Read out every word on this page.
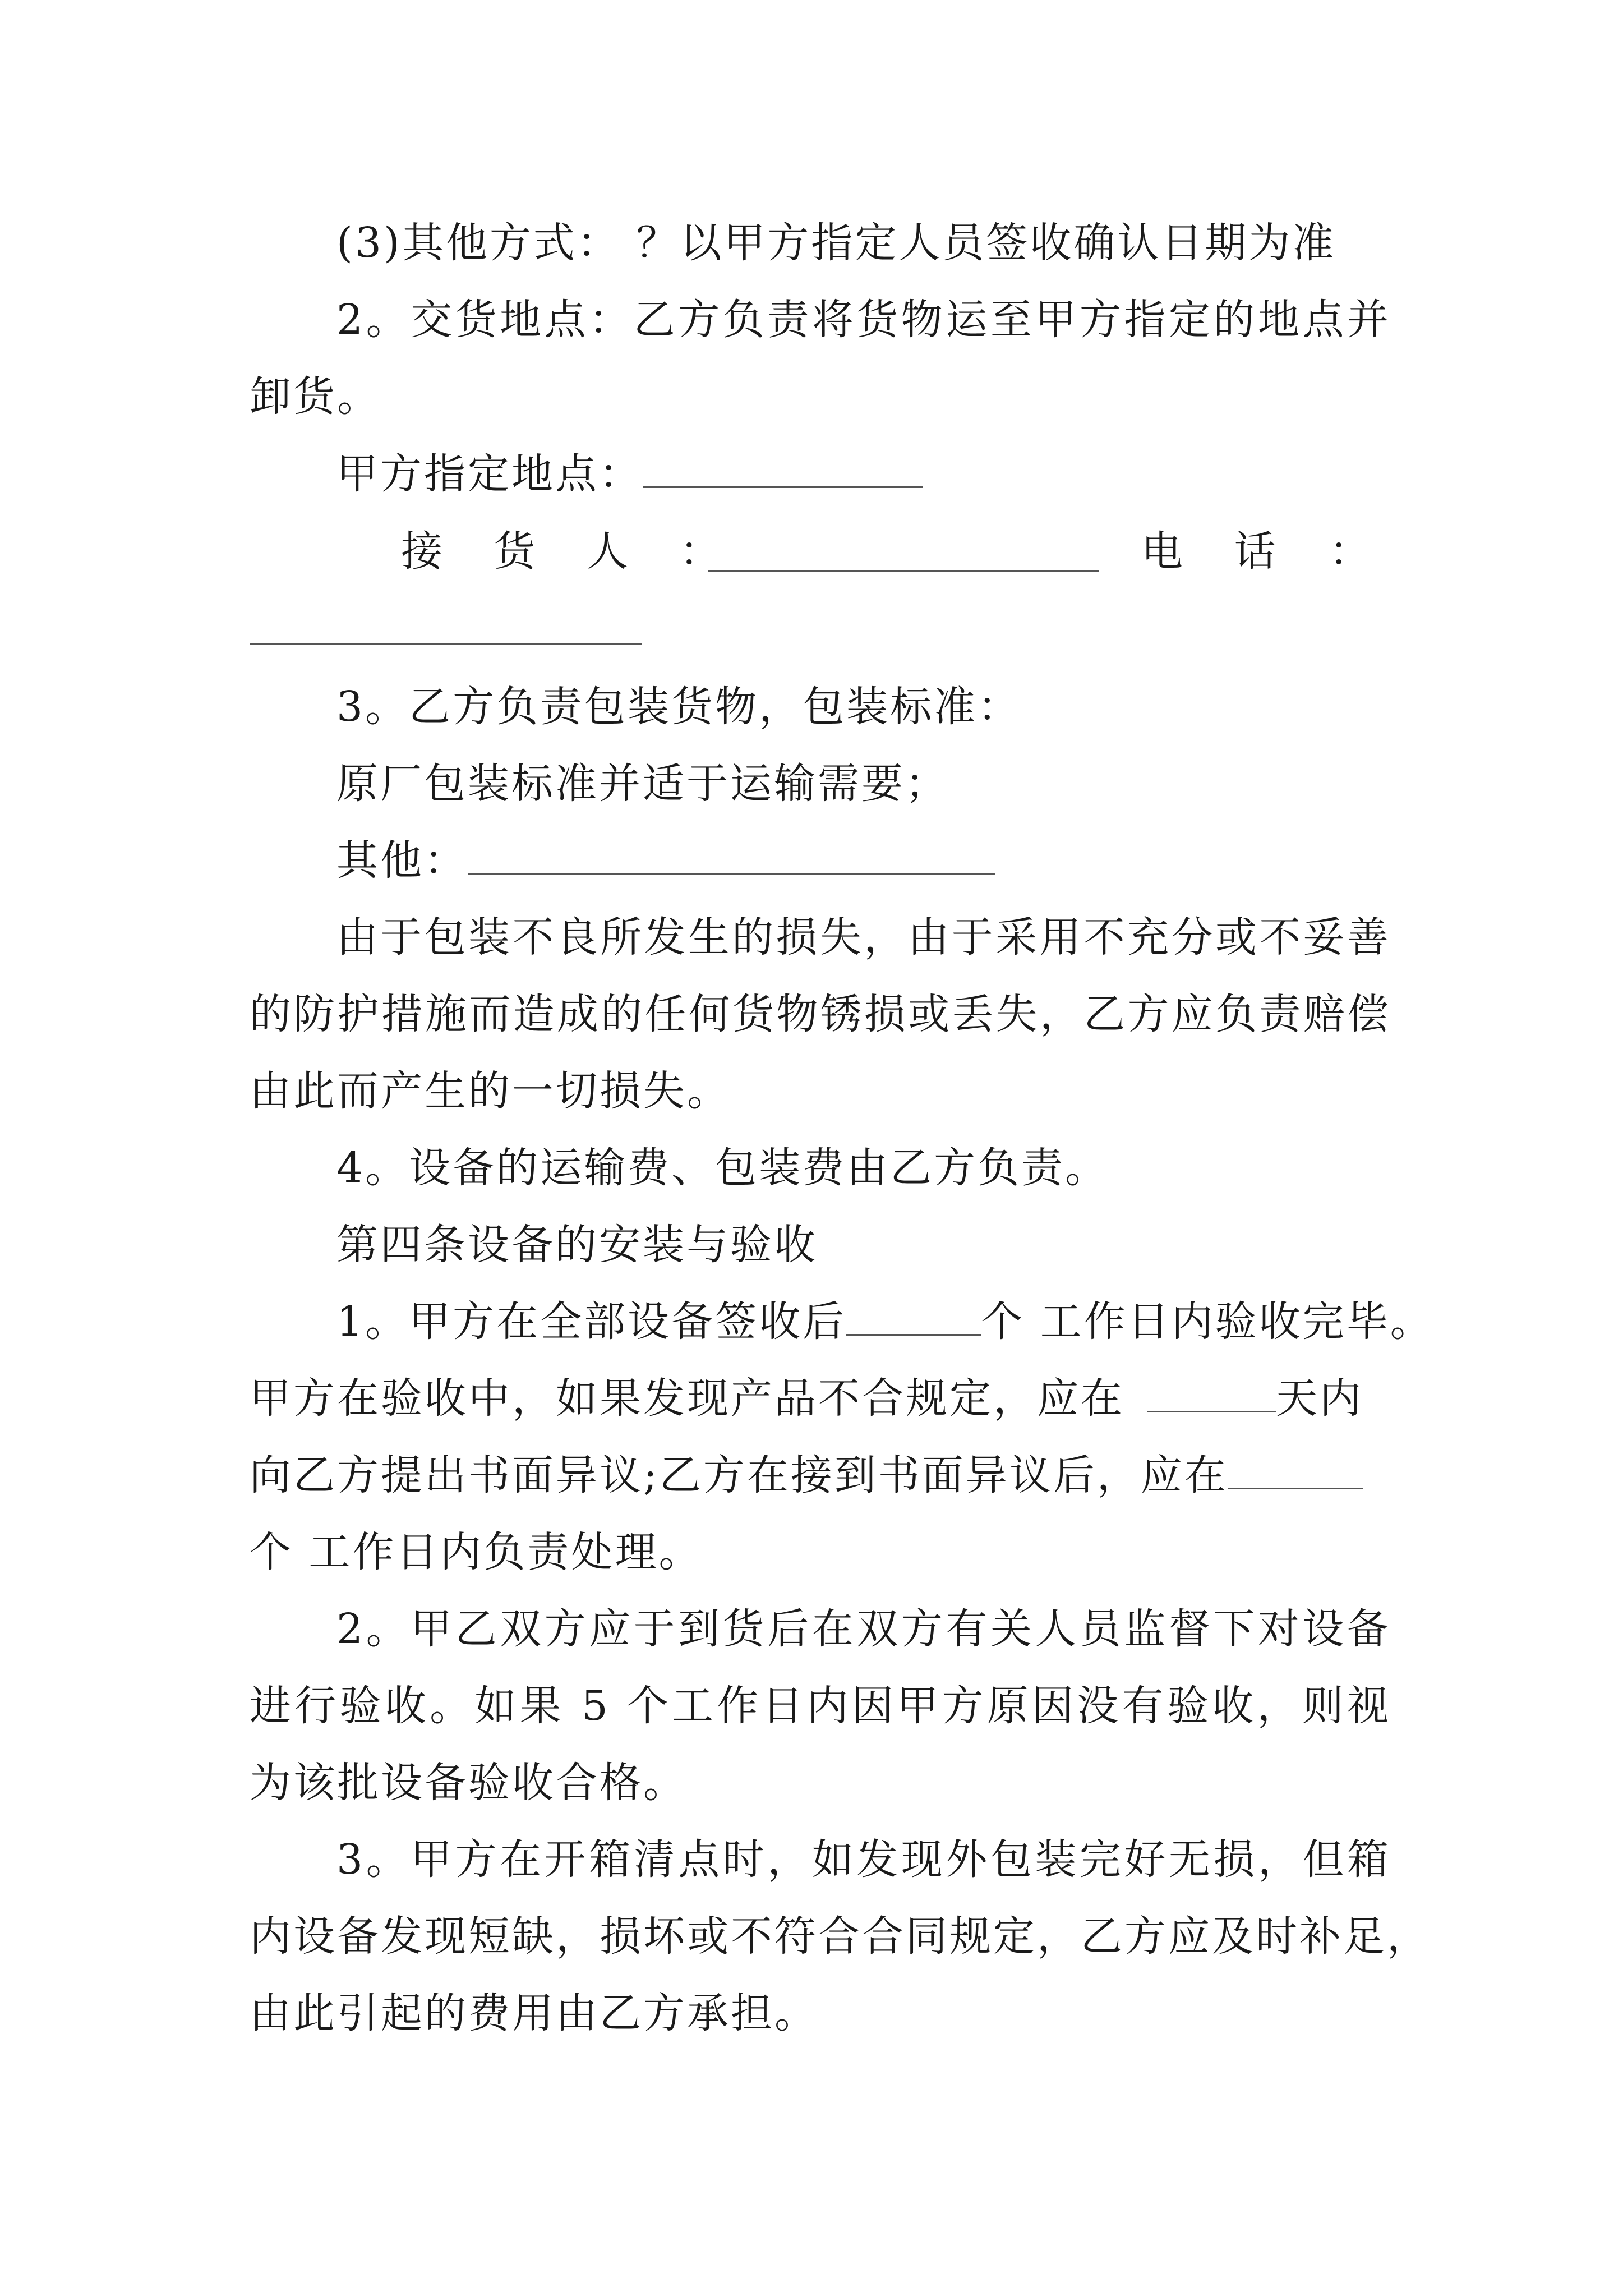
(3)其他方式： ？以甲方指定人员签收确认日期为准
2。交货地点：乙方负责将货物运至甲方指定的地点并
卸货。
甲方指定地点：
接 货 人 ：	电 话 ：
3。乙方负责包装货物，包装标准：
原厂包装标准并适于运输需要；
其他：
由于包装不良所发生的损失，由于采用不充分或不妥善
的防护措施而造成的任何货物锈损或丢失，乙方应负责赔偿
由此而产生的一切损失。
4。设备的运输费、包装费由乙方负责。
第四条设备的安装与验收
1。甲方在全部设备签收后	个 工作日内验收完毕。
甲方在验收中，如果发现产品不合规定，应在	天内
向乙方提出书面异议;乙方在接到书面异议后，应在
个 工作日内负责处理。
2。甲乙双方应于到货后在双方有关人员监督下对设备
进行验收。如果 5 个工作日内因甲方原因没有验收，则视
为该批设备验收合格。
3。甲方在开箱清点时，如发现外包装完好无损，但箱
内设备发现短缺，损坏或不符合合同规定，乙方应及时补足，
由此引起的费用由乙方承担。
